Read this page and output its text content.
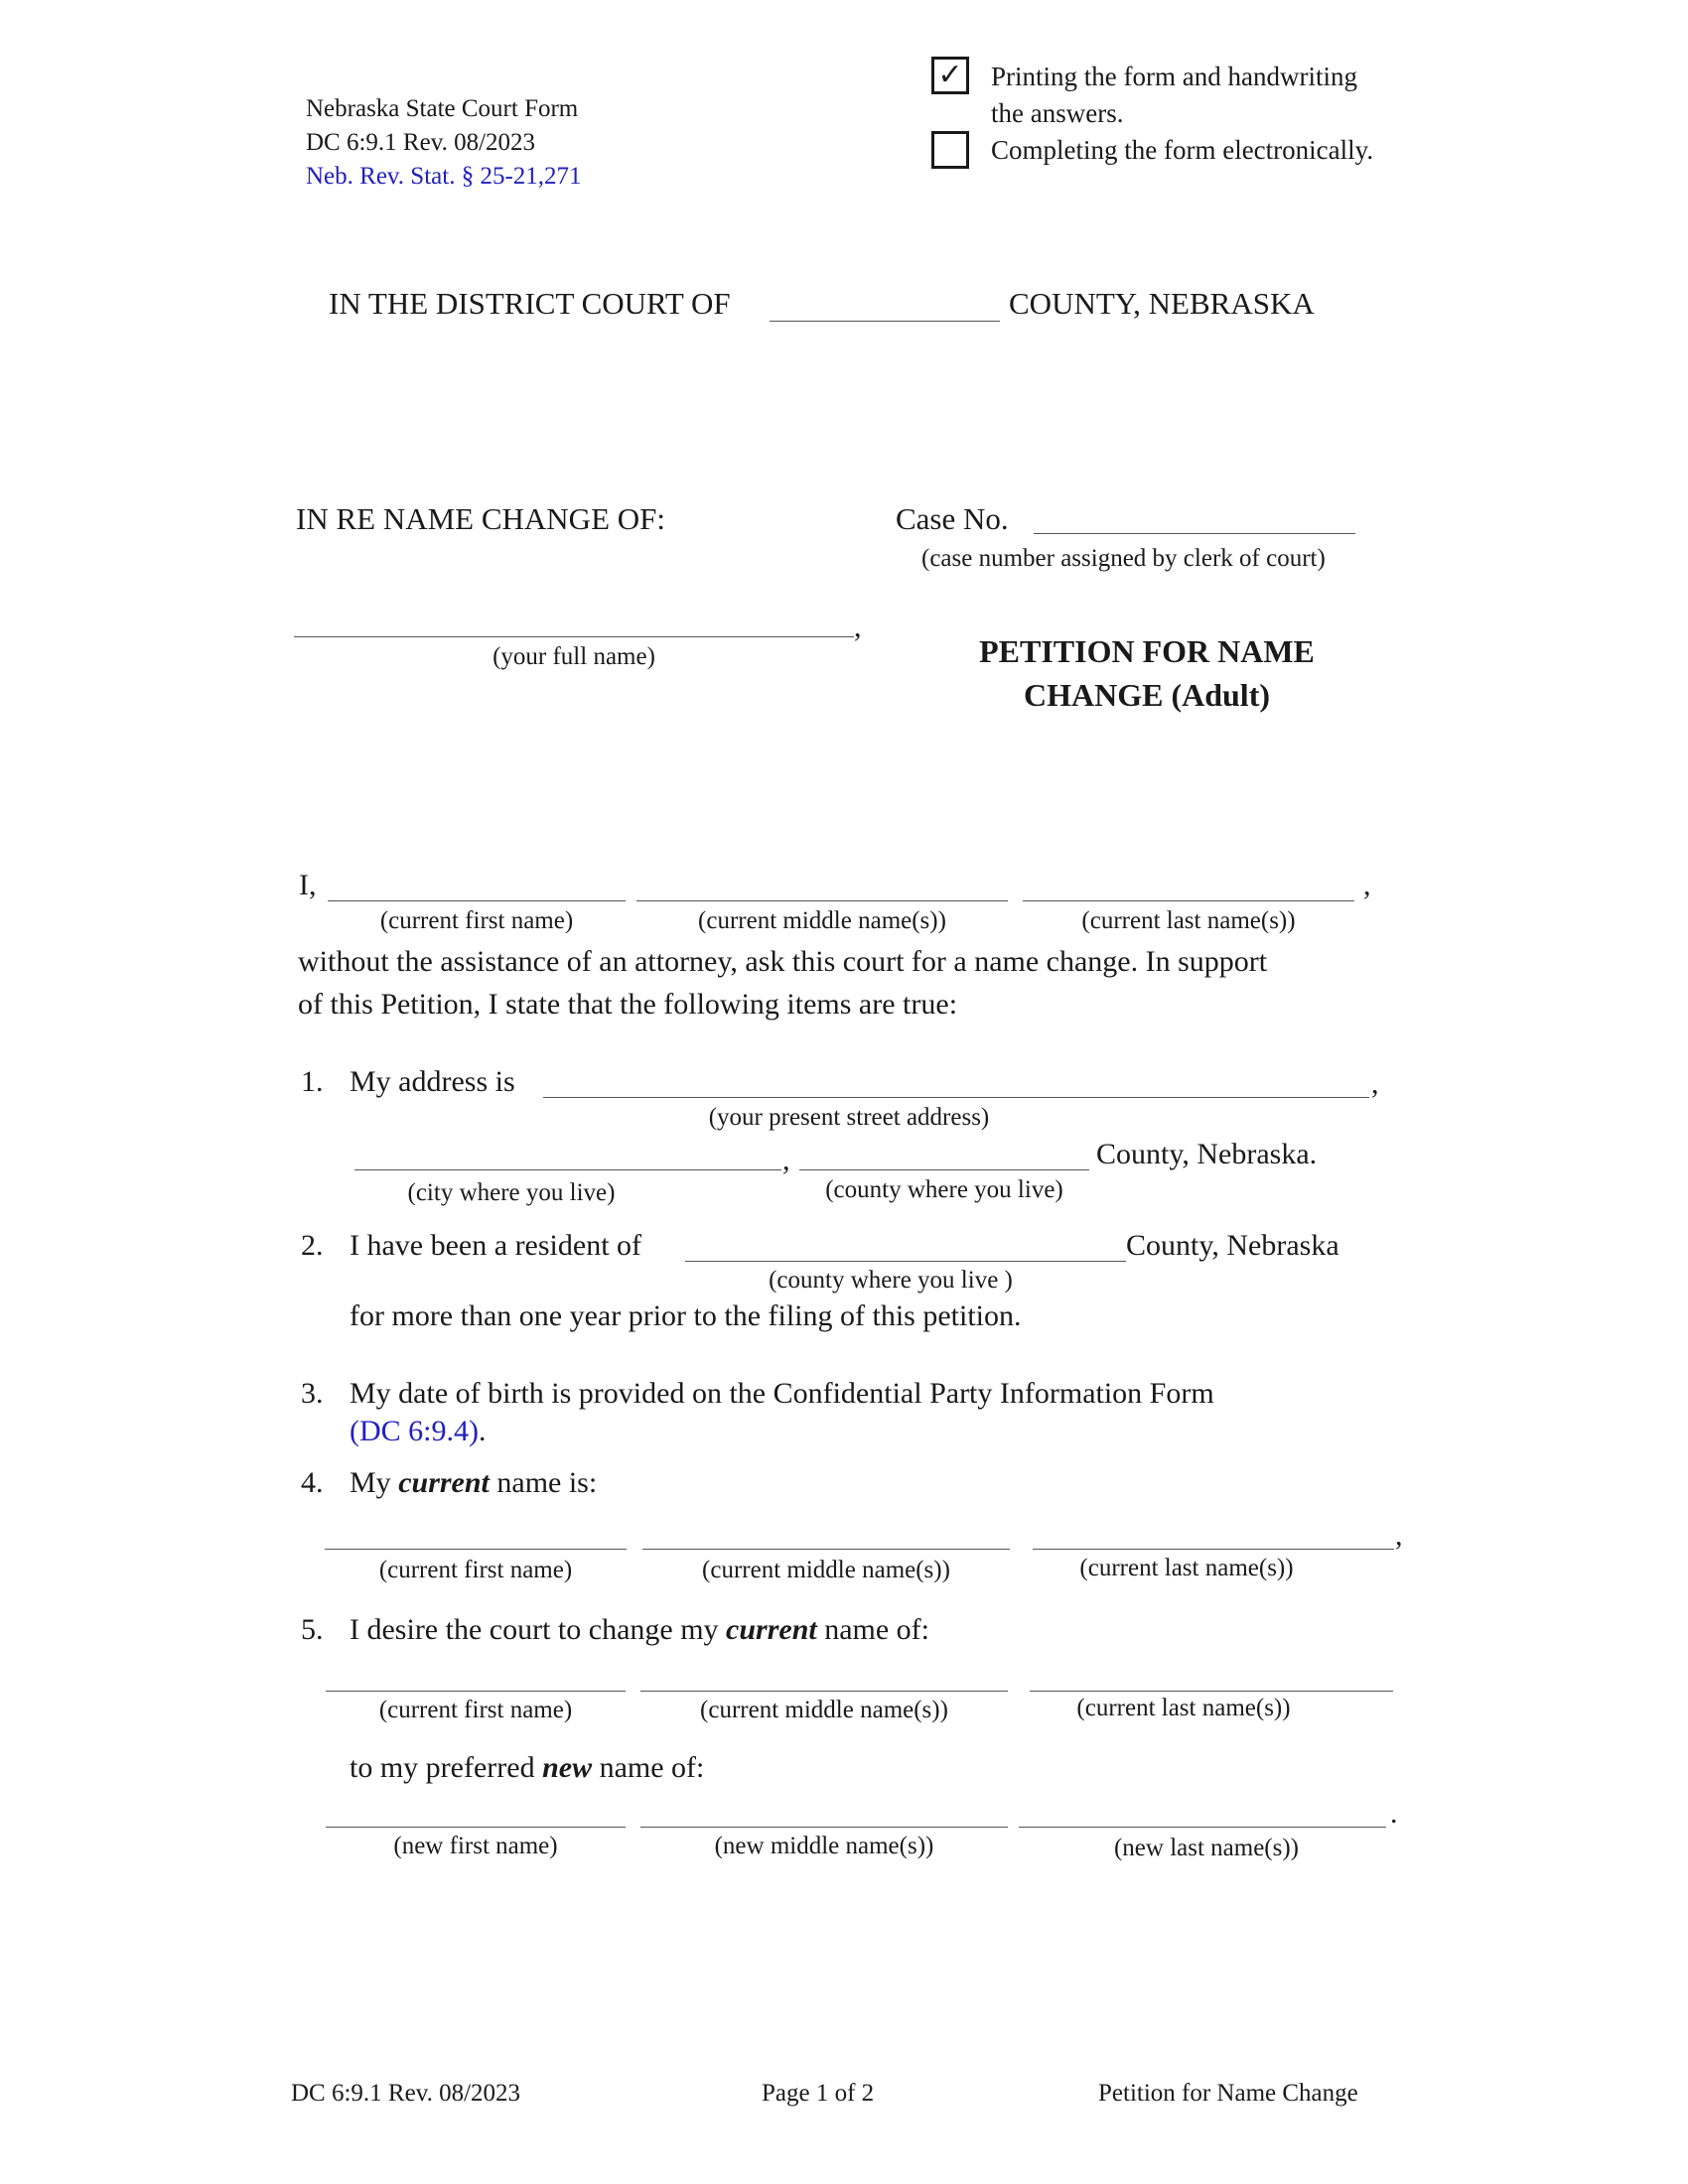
Nebraska State Court Form
DC 6:9.1 Rev. 08/2023
Neb. Rev. Stat. § 25-21,271
✓ Printing the form and handwriting
the answers.
Completing the form electronically.
IN THE DISTRICT COURT OF	COUNTY, NEBRASKA
IN RE NAME CHANGE OF:	Case No.
(case number assigned by clerk of court)
,
(your full name)	PETITION FOR NAME
CHANGE (Adult)
I,	,
(current first name)	(current middle name(s))	(current last name(s))
without the assistance of an attorney, ask this court for a name change. In support
of this Petition, I state that the following items are true:
1. My address is	,
(your present street address)
,	County, Nebraska.
(city where you live)	(county where you live)
2. I have been a resident of	County, Nebraska
(county where you live )
for more than one year prior to the filing of this petition.
3. My date of birth is provided on the Confidential Party Information Form
(DC 6:9.4).
4. My current name is:
,
(current first name)	(current middle name(s))	(current last name(s))
5. I desire the court to change my current name of:
(current first name)	(current middle name(s))	(current last name(s))
to my preferred new name of:
.
(new first name)	(new middle name(s))	(new last name(s))
DC 6:9.1 Rev. 08/2023	Page 1 of 2	Petition for Name Change
